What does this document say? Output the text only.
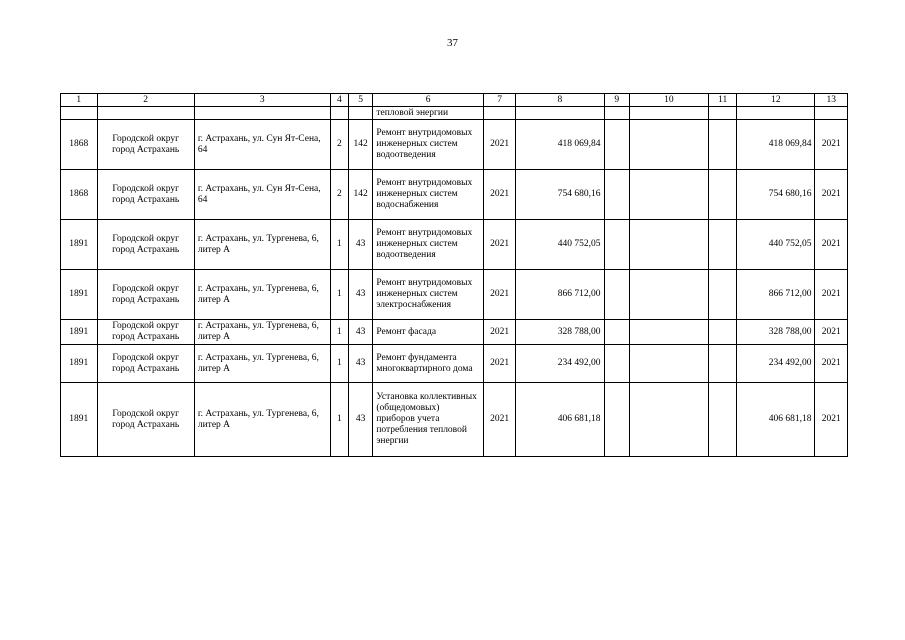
37
1	2	3	4	5	6	7	8	9	10	11	12	13
					тепловой энергии							
1868	Городской округ город Астрахань	г. Астрахань, ул. Сун Ят-Сена, 64	2	142	Ремонт внутридомовых инженерных систем водоотведения	2021	418 069,84				418 069,84	2021
1868	Городской округ город Астрахань	г. Астрахань, ул. Сун Ят-Сена, 64	2	142	Ремонт внутридомовых инженерных систем водоснабжения	2021	754 680,16				754 680,16	2021
1891	Городской округ город Астрахань	г. Астрахань, ул. Тургенева, 6, литер А	1	43	Ремонт внутридомовых инженерных систем водоотведения	2021	440 752,05				440 752,05	2021
1891	Городской округ город Астрахань	г. Астрахань, ул. Тургенева, 6, литер А	1	43	Ремонт внутридомовых инженерных систем электроснабжения	2021	866 712,00				866 712,00	2021
1891	Городской округ город Астрахань	г. Астрахань, ул. Тургенева, 6, литер А	1	43	Ремонт фасада	2021	328 788,00				328 788,00	2021
1891	Городской округ город Астрахань	г. Астрахань, ул. Тургенева, 6, литер А	1	43	Ремонт фундамента многоквартирного дома	2021	234 492,00				234 492,00	2021
1891	Городской округ город Астрахань	г. Астрахань, ул. Тургенева, 6, литер А	1	43	Установка коллективных (общедомовых) приборов учета потребления тепловой энергии	2021	406 681,18				406 681,18	2021
